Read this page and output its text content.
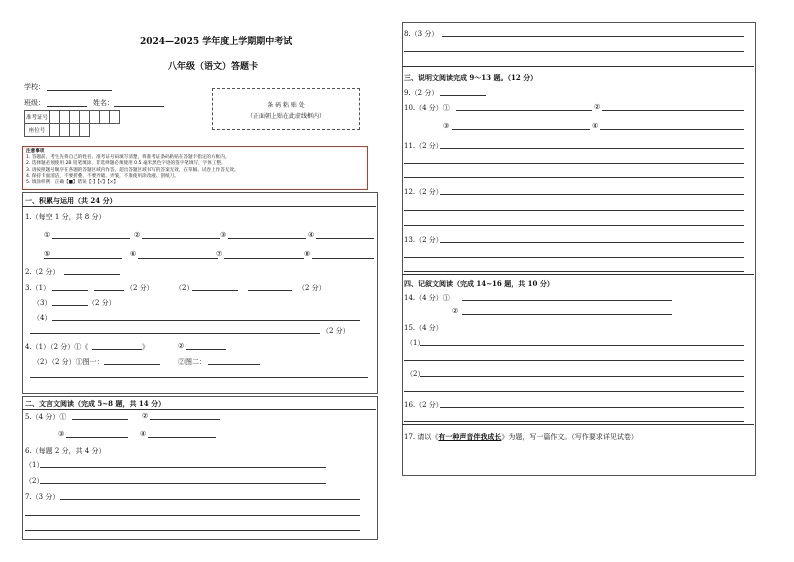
2024—2025 学年度上学期期中考试
八年级（语文）答题卡
学校：
班级：	姓名：
准考证号							
座位号							
条 码 粘 贴 处
（正面朝上贴在此虚线框内）
注意事项
1. 答题前，考生先将自己的姓名、准考证号码填写清楚，将准考证条码粘贴在答题卡指定的方框内。
2. 选择题必须使用 2B 铅笔填涂，非选择题必须使用 0.5 毫米黑色字迹的签字笔填写，字体工整。
3. 请按照题号顺序在各题的答题区域内作答，超出答题区域书写的答案无效，在草稿、试卷上作答无效。
4. 保持卡面清洁，不要折叠、不要弄破、弄皱，不准使用涂改液、刮纸刀。
5. 填涂样例　正确【■】错误【-】【√】【×】
一、积累与运用（共 24 分）
1.（每空 1 分，共 8 分）
①	②	③	④
⑤	⑥	⑦	⑧
2.（2 分）
3.（1）	（2 分）	（2）	（2 分）
（3）	（2 分）
（4）
（2 分）
4.（1）（2 分）①《	》	②
（2）（2 分）①图一：	②图二：
二、文言文阅读（完成 5~8 题，共 14 分）
5.（4 分）①	②
③	④
6.（每题 2 分，共 4 分）
（1）
（2）
7.（3 分）
8.（3 分）
三、说明文阅读完成 9～13 题。（12 分）
9.（2 分）
10.（4 分）①	②
③	④
11.（2 分）
12.（2 分）
13.（2 分）
四、记叙文阅读（完成 14~16 题，共 10 分）
14.（4 分）①
②
15.（4 分）
（1）
（2）
16.（2 分）
17. 请以《有一种声音伴我成长》为题，写一篇作文。（写作要求详见试卷）
